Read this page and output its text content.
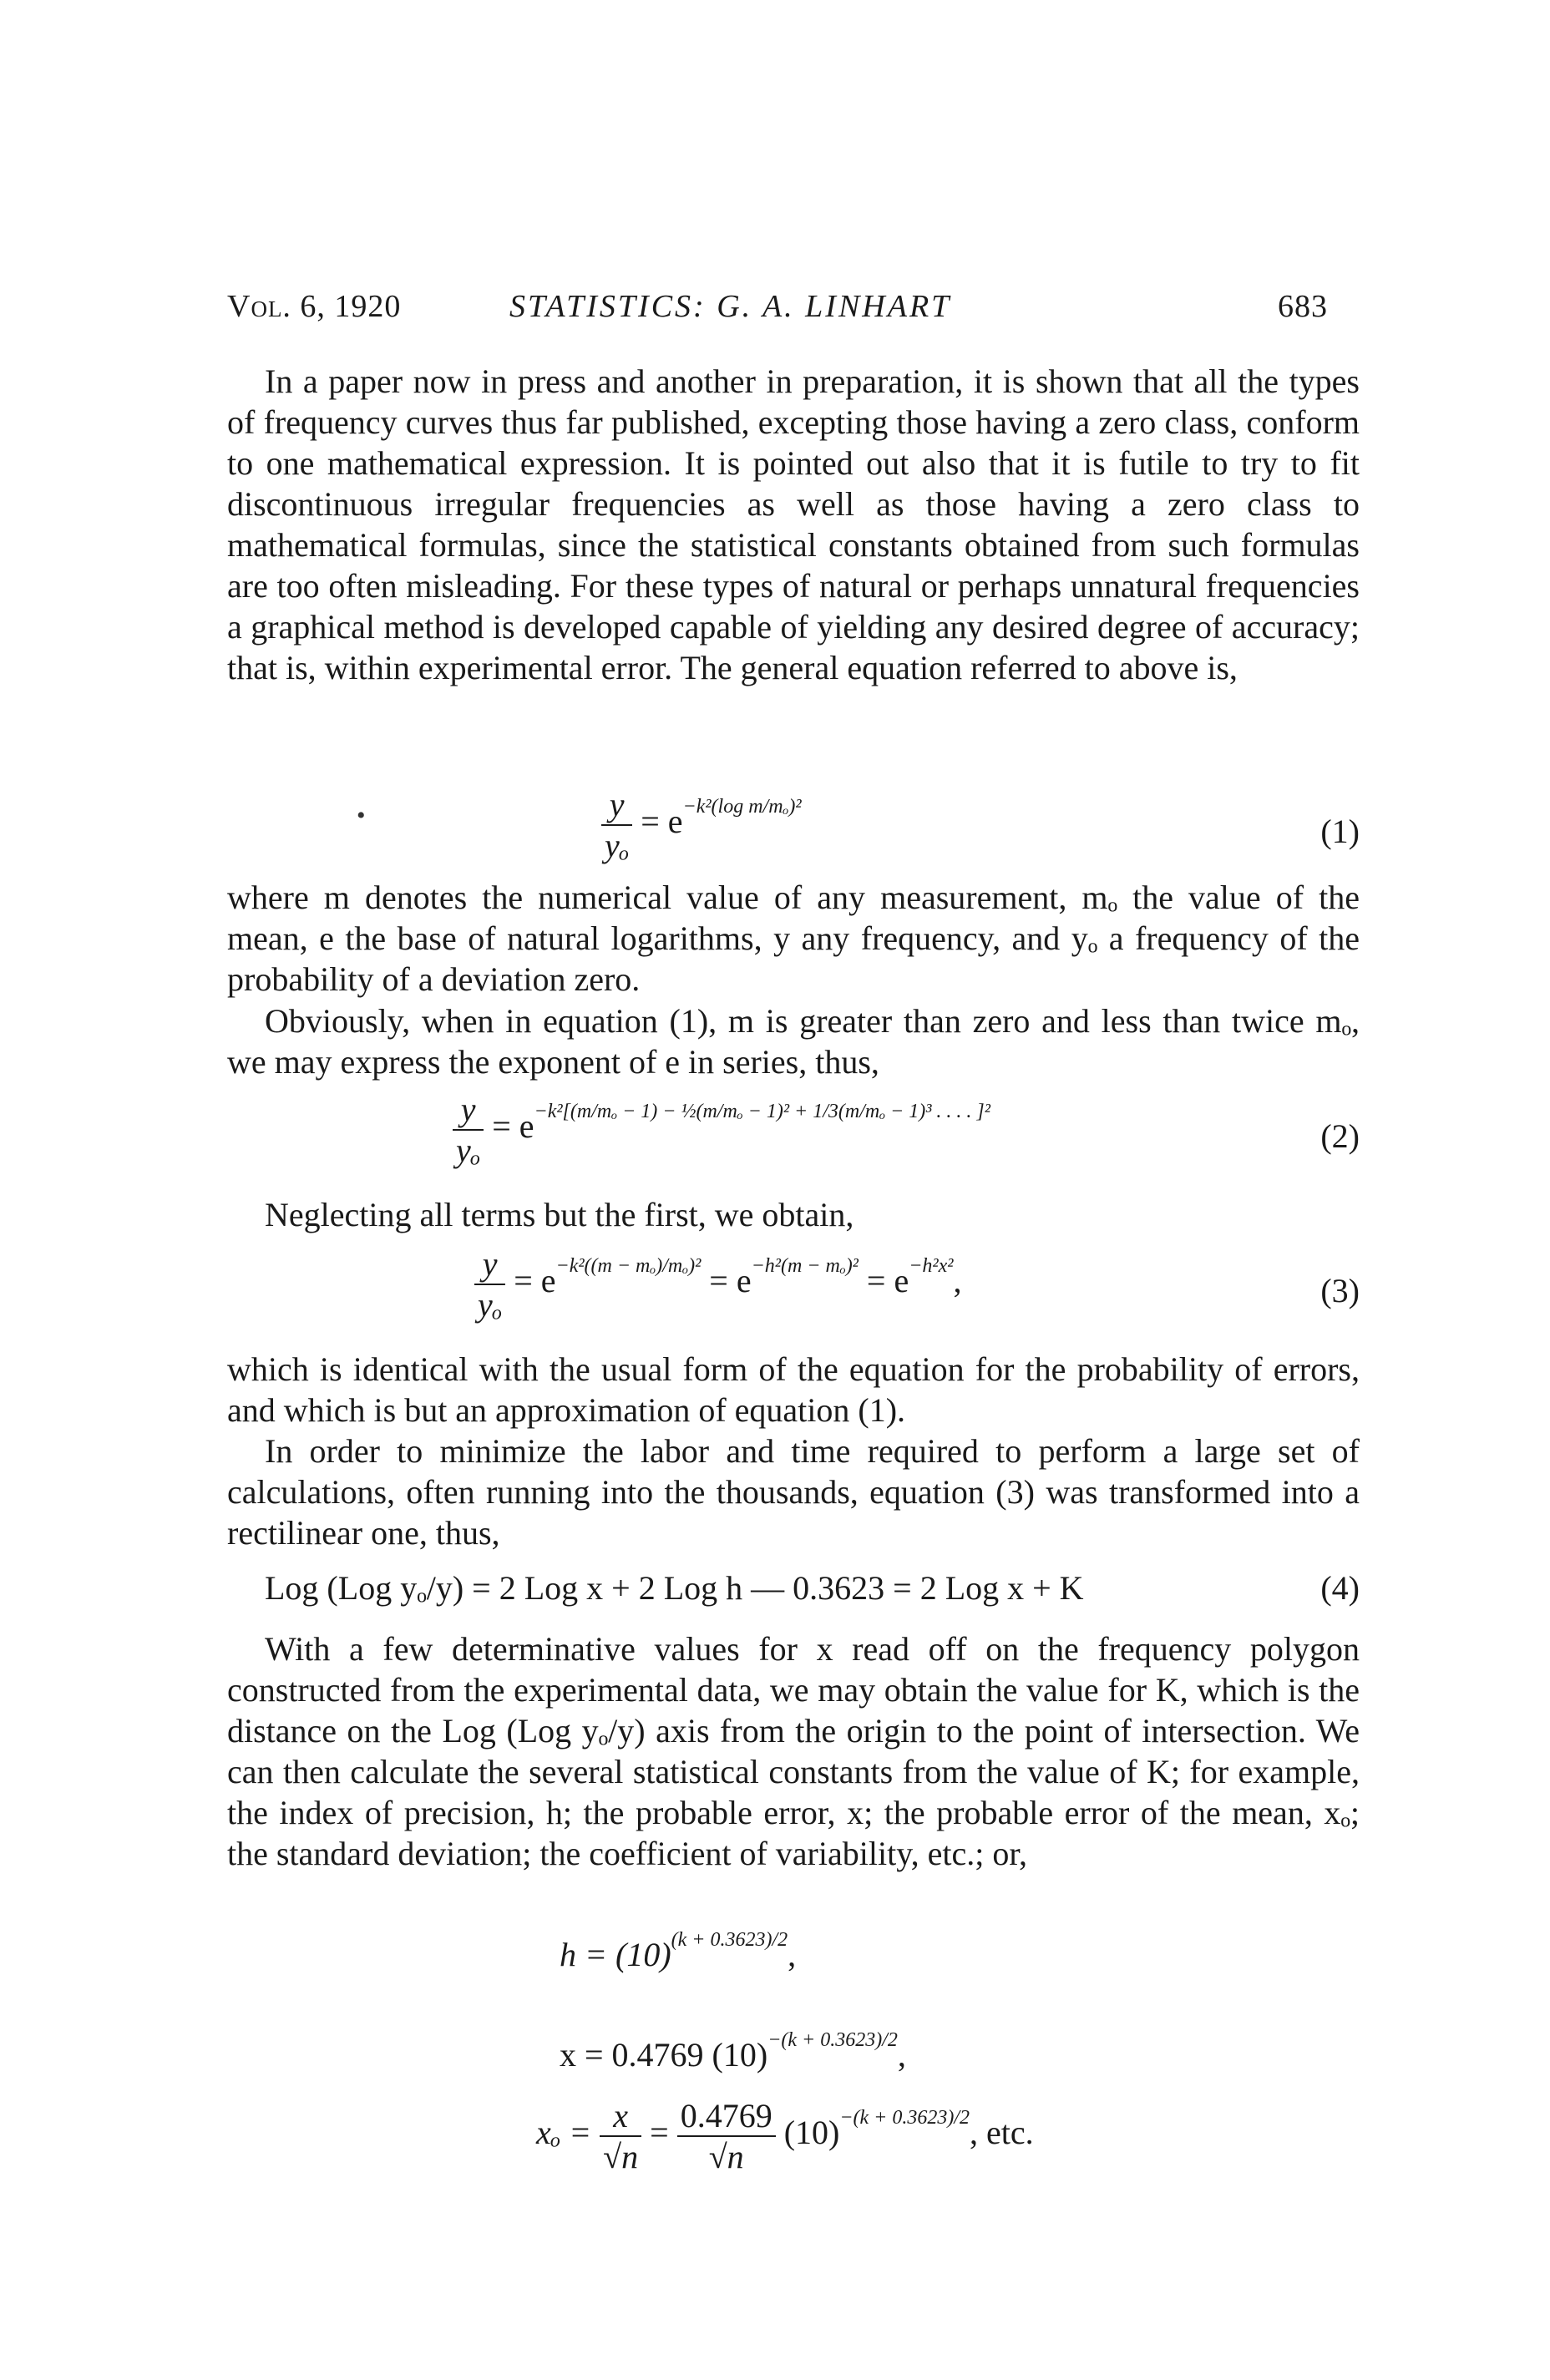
Vol. 6, 1920	STATISTICS: G. A. LINHART	683

In a paper now in press and another in preparation, it is shown that all the types of frequency curves thus far published, excepting those having a zero class, conform to one mathematical expression. It is pointed out also that it is futile to try to fit discontinuous irregular frequencies as well as those having a zero class to mathematical formulas, since the statistical constants obtained from such formulas are too often misleading. For these types of natural or perhaps unnatural frequencies a graphical method is developed capable of yielding any desired degree of accuracy; that is, within experimental error. The general equation referred to above is,

•	$\frac{y}{\text{yₒ}} = e^{-k^2(log m/m_o)^2}$
(1)

where m denotes the numerical value of any measurement, mₒ the value of the mean, e the base of natural logarithms, y any frequency, and yₒ a frequency of the probability of a deviation zero.

Obviously, when in equation (1), m is greater than zero and less than twice mₒ, we may express the exponent of e in series, thus,

$\frac{y}{\text{yₒ}} = e^{-k^2[(m/m_o - 1) - \frac{1}{2}(m/m_o - 1)^2 + 1/3(m/m_o - 1)^3 . . . . ]^2}$
(2)

Neglecting all terms but the first, we obtain,

$\frac{y}{\text{yₒ}} = e^{-k^2((m - m_o)/m_o)^2} = e^{-h^2(m - m_o)^2} = e^{-h^2x^2}$,	(3)

which is identical with the usual form of the equation for the probability of errors, and which is but an approximation of equation (1).

In order to minimize the labor and time required to perform a large set of calculations, often running into the thousands, equation (3) was transformed into a rectilinear one, thus,

Log (Log yₒ/y) = 2 Log x + 2 Log h — 0.3623 = 2 Log x + K	(4)

With a few determinative values for x read off on the frequency polygon constructed from the experimental data, we may obtain the value for K, which is the distance on the Log (Log yₒ/y) axis from the origin to the point of intersection. We can then calculate the several statistical constants from the value of K; for example, the index of precision, h; the probable error, x; the probable error of the mean, xₒ; the standard deviation; the coefficient of variability, etc.; or,

$h = (10)^{(k + 0.3623)/2}$,
x = 0.4769 $(10)^{-(k + 0.3623)/2}$,
$x_o = \frac{x}{√n} = \frac{0.4769}{√n} (10)^{-(k + 0.3623)/2}$, etc.
